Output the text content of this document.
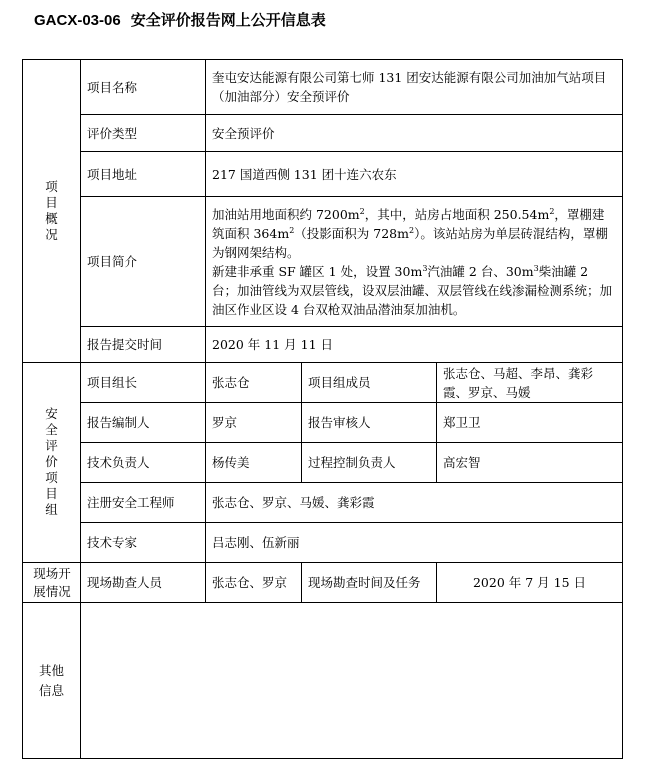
GACX-03-06 安全评价报告网上公开信息表
项目概况	项目名称	奎屯安达能源有限公司第七师 131 团安达能源有限公司加油加气站项目（加油部分）安全预评价		
	评价类型	安全预评价		
	项目地址	217 国道西侧 131 团十连六农东		
	项目简介	加油站用地面积约 $7200m^2$，其中，站房占地面积 $250.54m^2$，罩棚建筑面积 $364m^2$（投影面积为 $728m^2$）。该站站房为单层砖混结构，罩棚为钢网架结构。
新建非承重 SF 罐区 1 处，设置 $30m^3$汽油罐 2 台、$30m^3$柴油罐 2 台；加油管线为双层管线，设双层油罐、双层管线在线渗漏检测系统；加油区作业区设 4 台双枪双油品潜油泵加油机。		

	报告提交时间	2020 年 11 月 11 日		
安全评价项目组	项目组长	张志仓	项目组成员	张志仓、马超、李昂、龚彩霞、罗京、马媛
	报告编制人	罗京	报告审核人	郑卫卫
	技术负责人	杨传美	过程控制负责人	高宏智
	注册安全工程师	张志仓、罗京、马媛、龚彩霞		
	技术专家	吕志刚、伍新丽		
现场开展情况	现场勘查人员	张志仓、罗京	现场勘查时间及任务	2020 年 7 月 15 日
其他信息				
